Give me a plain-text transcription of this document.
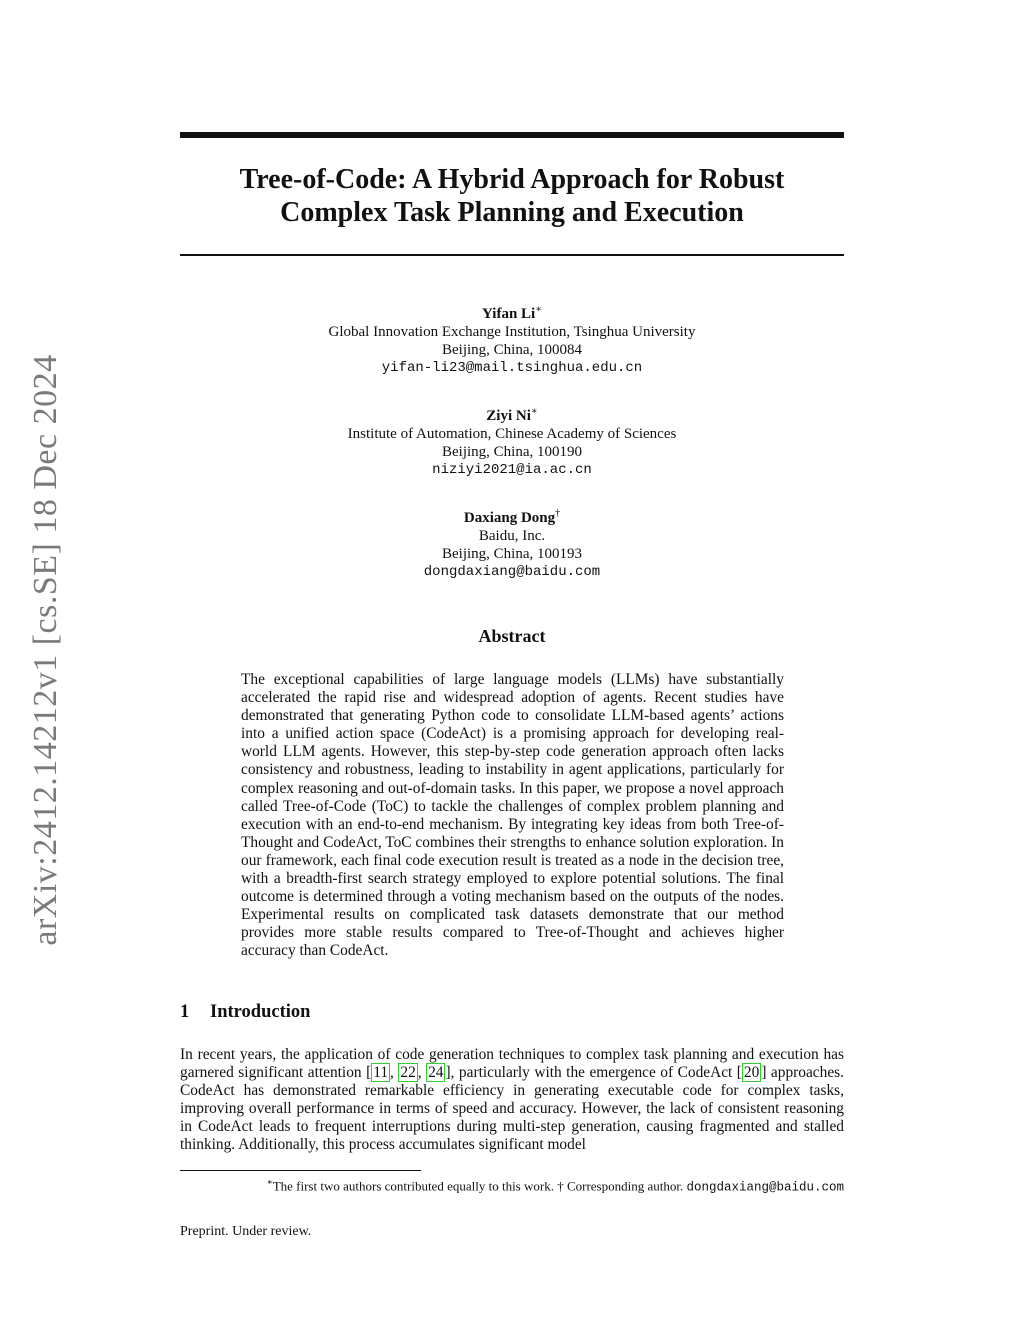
arXiv:2412.14212v1 [cs.SE] 18 Dec 2024
Tree-of-Code: A Hybrid Approach for Robust
Complex Task Planning and Execution
Yifan Li∗
Global Innovation Exchange Institution, Tsinghua University
Beijing, China, 100084
yifan-li23@mail.tsinghua.edu.cn
Ziyi Ni∗
Institute of Automation, Chinese Academy of Sciences
Beijing, China, 100190
niziyi2021@ia.ac.cn
Daxiang Dong†
Baidu, Inc.
Beijing, China, 100193
dongdaxiang@baidu.com
Abstract
The exceptional capabilities of large language models (LLMs) have substantially accelerated the rapid rise and widespread adoption of agents. Recent studies have demonstrated that generating Python code to consolidate LLM-based agents’ actions into a unified action space (CodeAct) is a promising approach for developing real-world LLM agents. However, this step-by-step code generation approach often lacks consistency and robustness, leading to instability in agent applications, particularly for complex reasoning and out-of-domain tasks. In this paper, we propose a novel approach called Tree-of-Code (ToC) to tackle the challenges of complex problem planning and execution with an end-to-end mechanism. By integrating key ideas from both Tree-of-Thought and CodeAct, ToC combines their strengths to enhance solution exploration. In our framework, each final code execution result is treated as a node in the decision tree, with a breadth-first search strategy employed to explore potential solutions. The final outcome is determined through a voting mechanism based on the outputs of the nodes. Experimental results on complicated task datasets demonstrate that our method provides more stable results compared to Tree-of-Thought and achieves higher accuracy than CodeAct.
1 Introduction
In recent years, the application of code generation techniques to complex task planning and execution has garnered significant attention [ 11 , 22 , 24 ], particularly with the emergence of CodeAct [ 20 ] approaches. CodeAct has demonstrated remarkable efficiency in generating executable code for complex tasks, improving overall performance in terms of speed and accuracy. However, the lack of consistent reasoning in CodeAct leads to frequent interruptions during multi-step generation, causing fragmented and stalled thinking. Additionally, this process accumulates significant model
∗The first two authors contributed equally to this work. † Corresponding author. dongdaxiang@baidu.com
Preprint. Under review.
